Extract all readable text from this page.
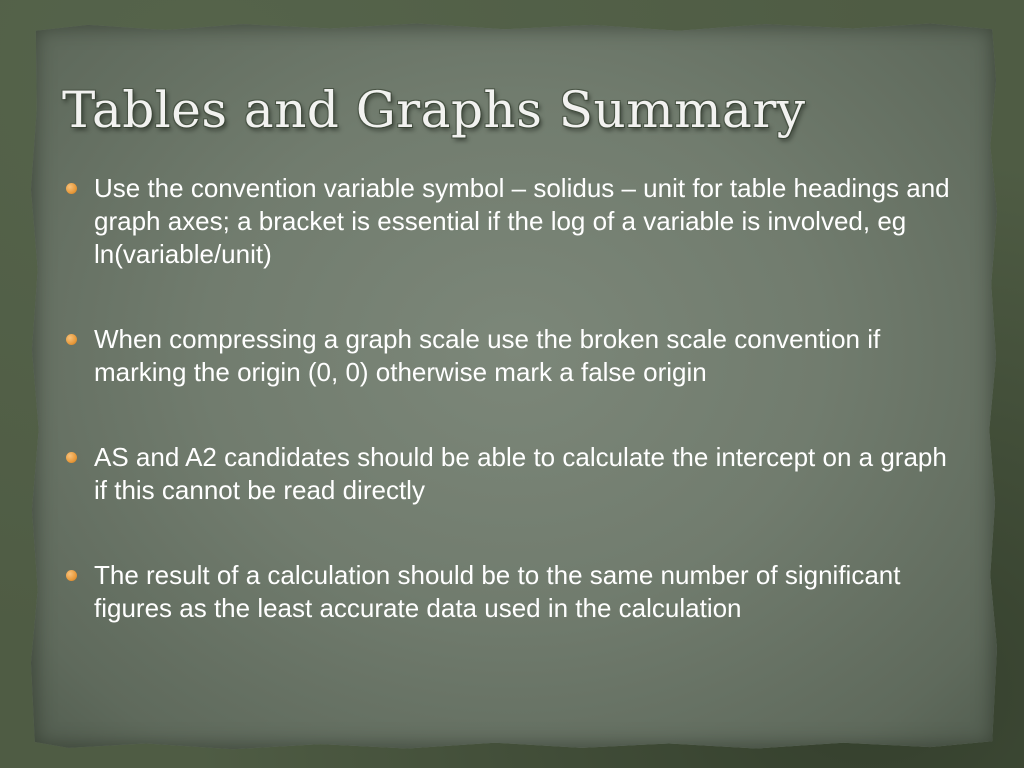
Tables and Graphs Summary
Use the convention variable symbol – solidus – unit for table headings and graph axes; a bracket is essential if the log of a variable is involved, eg ln(variable/unit)
When compressing a graph scale use the broken scale convention if marking the origin (0, 0) otherwise mark a false origin
AS and A2 candidates should be able to calculate the intercept on a graph if this cannot be read directly
The result of a calculation should be to the same number of significant figures as the least accurate data used in the calculation
